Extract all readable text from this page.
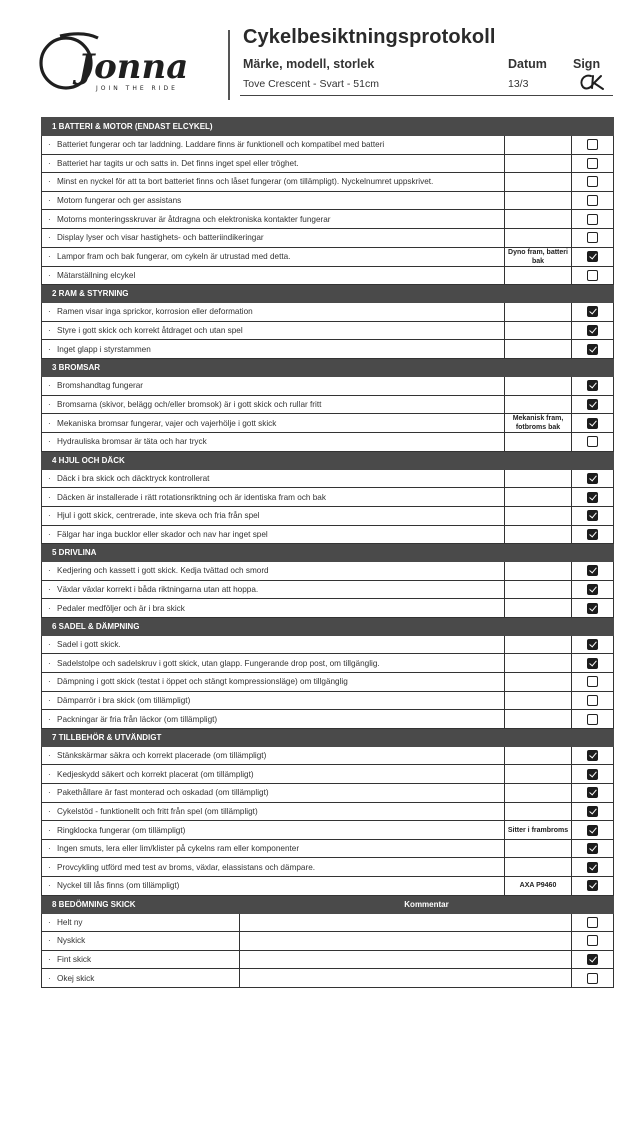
Jonna
JOIN THE RIDE
Cykelbesiktningsprotokoll
Märke, modell, storlek	Datum Sign
Tove Crescent - Svart - 51cm	13/3
1 BATTERI & MOTOR (ENDAST ELCYKEL)			
· Batteriet fungerar och tar laddning. Laddare finns är funktionell och kompatibel med batteri			
· Batteriet har tagits ur och satts in. Det finns inget spel eller tröghet.			
· Minst en nyckel för att ta bort batteriet finns och låset fungerar (om tillämpligt). Nyckelnumret uppskrivet.			
· Motorn fungerar och ger assistans			
· Motorns monteringsskruvar är åtdragna och elektroniska kontakter fungerar			
· Display lyser och visar hastighets- och batteriindikeringar			
· Lampor fram och bak fungerar, om cykeln är utrustad med detta.		Dyno fram, batteri bak	
· Mätarställning elcykel			
2 RAM & STYRNING			
· Ramen visar inga sprickor, korrosion eller deformation			
· Styre i gott skick och korrekt åtdraget och utan spel			
· Inget glapp i styrstammen			
3 BROMSAR			
· Bromshandtag fungerar			
· Bromsarna (skivor, belägg och/eller bromsok) är i gott skick och rullar fritt			
· Mekaniska bromsar fungerar, vajer och vajerhölje i gott skick		Mekanisk fram, fotbroms bak	
· Hydrauliska bromsar är täta och har tryck			
4 HJUL OCH DÄCK			
· Däck i bra skick och däcktryck kontrollerat			
· Däcken är installerade i rätt rotationsriktning och är identiska fram och bak			
· Hjul i gott skick, centrerade, inte skeva och fria från spel			
· Fälgar har inga bucklor eller skador och nav har inget spel			
5 DRIVLINA			
· Kedjering och kassett i gott skick. Kedja tvättad och smord			
· Växlar växlar korrekt i båda riktningarna utan att hoppa.			
· Pedaler medföljer och är i bra skick			
6 SADEL & DÄMPNING			
· Sadel i gott skick.			
· Sadelstolpe och sadelskruv i gott skick, utan glapp. Fungerande drop post, om tillgänglig.			
· Dämpning i gott skick (testat i öppet och stängt kompressionsläge) om tillgänglig			
· Dämparrör i bra skick (om tillämpligt)			
· Packningar är fria från läckor (om tillämpligt)			
7 TILLBEHÖR & UTVÄNDIGT			
· Stänkskärmar säkra och korrekt placerade (om tillämpligt)			
· Kedjeskydd säkert och korrekt placerat (om tillämpligt)			
· Pakethållare är fast monterad och oskadad (om tillämpligt)			
· Cykelstöd - funktionellt och fritt från spel (om tillämpligt)			
· Ringklocka fungerar (om tillämpligt)		Sitter i frambroms	
· Ingen smuts, lera eller lim/klister på cykelns ram eller komponenter			
· Provcykling utförd med test av broms, växlar, elassistans och dämpare.			
· Nyckel till lås finns (om tillämpligt)		AXA P9460	
8 BEDÖMNING SKICK	Kommentar		
· Helt ny			
· Nyskick			
· Fint skick			
· Okej skick			
